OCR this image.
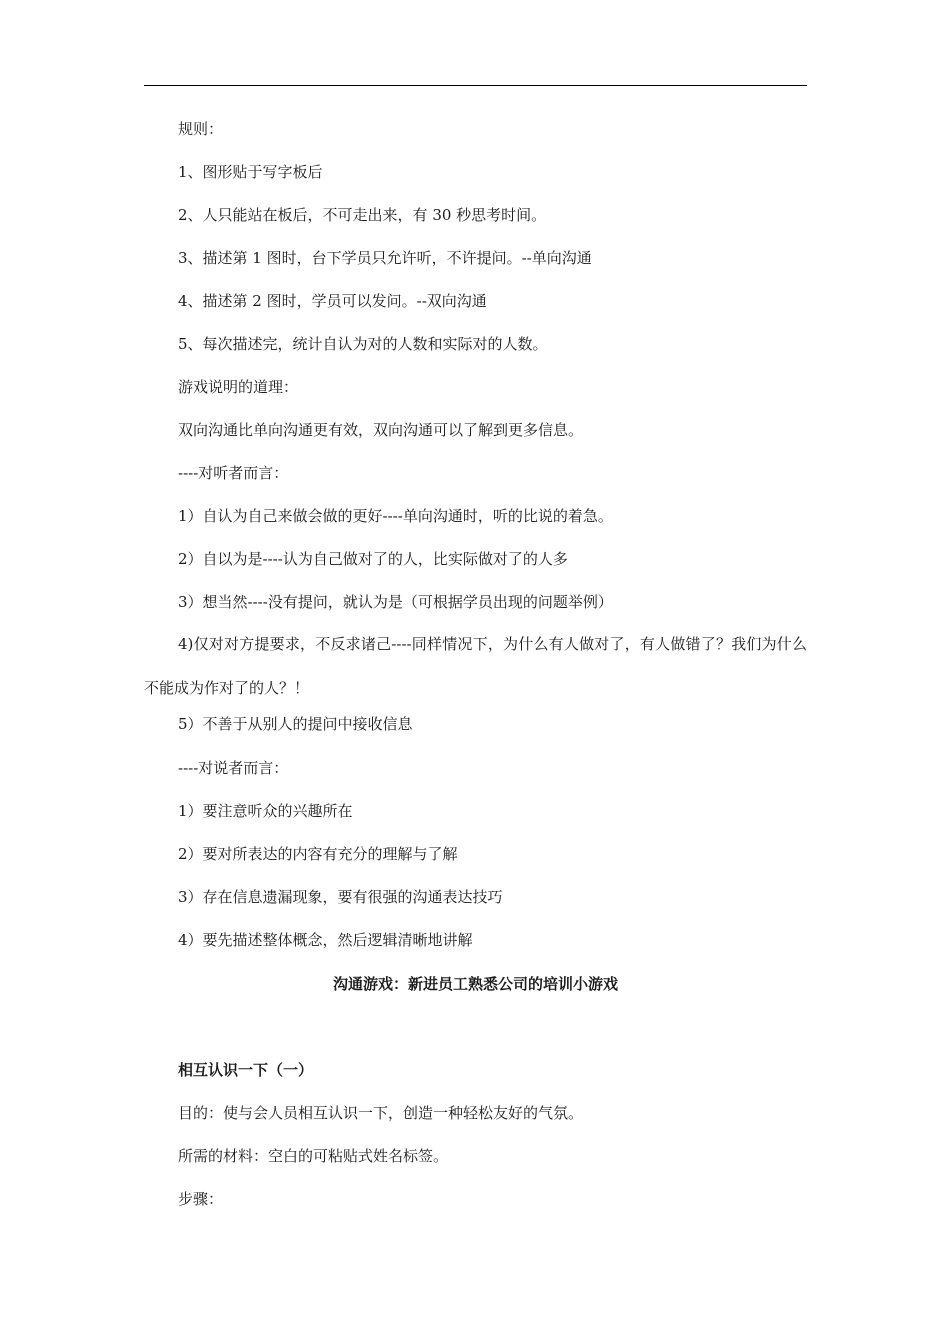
规则：
1、图形贴于写字板后
2、人只能站在板后，不可走出来，有 30 秒思考时间。
3、描述第 1 图时，台下学员只允许听，不许提问。--单向沟通
4、描述第 2 图时，学员可以发问。--双向沟通
5、每次描述完，统计自认为对的人数和实际对的人数。
游戏说明的道理：
双向沟通比单向沟通更有效，双向沟通可以了解到更多信息。
----对听者而言：
1）自认为自己来做会做的更好----单向沟通时，听的比说的着急。
2）自以为是----认为自己做对了的人，比实际做对了的人多
3）想当然----没有提问，就认为是（可根据学员出现的问题举例）
4)仅对对方提要求，不反求诸己----同样情况下，为什么有人做对了，有人做错了？我们为什么不能成为作对了的人？！
5）不善于从别人的提问中接收信息
----对说者而言：
1）要注意听众的兴趣所在
2）要对所表达的内容有充分的理解与了解
3）存在信息遗漏现象，要有很强的沟通表达技巧
4）要先描述整体概念，然后逻辑清晰地讲解
沟通游戏：新进员工熟悉公司的培训小游戏
相互认识一下（一）
目的：使与会人员相互认识一下，创造一种轻松友好的气氛。
所需的材料：空白的可粘贴式姓名标签。
步骤：
